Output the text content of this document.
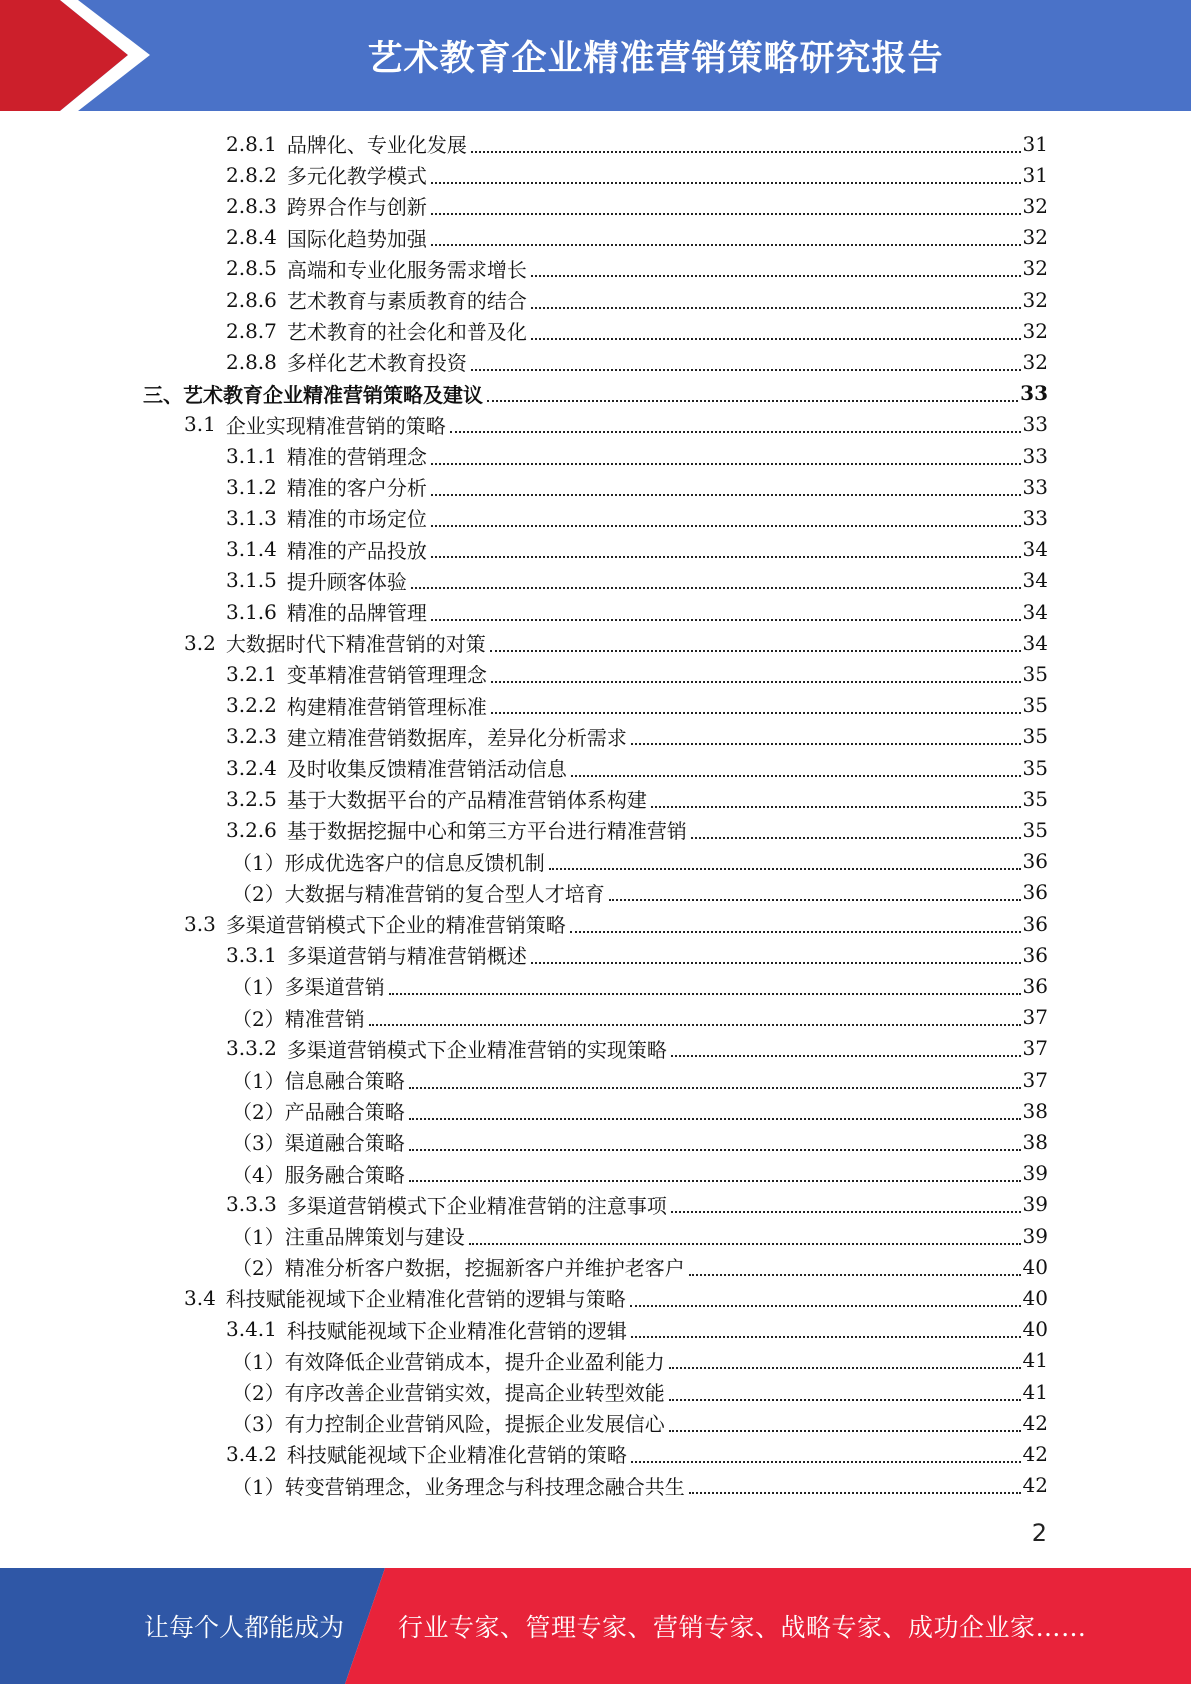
艺术教育企业精准营销策略研究报告
2.8.1 品牌化、专业化发展	31
2.8.2 多元化教学模式	31
2.8.3 跨界合作与创新	32
2.8.4 国际化趋势加强	32
2.8.5 高端和专业化服务需求增长	32
2.8.6 艺术教育与素质教育的结合	32
2.8.7 艺术教育的社会化和普及化	32
2.8.8 多样化艺术教育投资	32
三、艺术教育企业精准营销策略及建议	33
3.1 企业实现精准营销的策略	33
3.1.1 精准的营销理念	33
3.1.2 精准的客户分析	33
3.1.3 精准的市场定位	33
3.1.4 精准的产品投放	34
3.1.5 提升顾客体验	34
3.1.6 精准的品牌管理	34
3.2 大数据时代下精准营销的对策	34
3.2.1 变革精准营销管理理念	35
3.2.2 构建精准营销管理标准	35
3.2.3 建立精准营销数据库，差异化分析需求	35
3.2.4 及时收集反馈精准营销活动信息	35
3.2.5 基于大数据平台的产品精准营销体系构建	35
3.2.6 基于数据挖掘中心和第三方平台进行精准营销	35
（1） 形成优选客户的信息反馈机制	36
（2） 大数据与精准营销的复合型人才培育	36
3.3 多渠道营销模式下企业的精准营销策略	36
3.3.1 多渠道营销与精准营销概述	36
（1） 多渠道营销	36
（2） 精准营销	37
3.3.2 多渠道营销模式下企业精准营销的实现策略	37
（1） 信息融合策略	37
（2） 产品融合策略	38
（3） 渠道融合策略	38
（4） 服务融合策略	39
3.3.3 多渠道营销模式下企业精准营销的注意事项	39
（1） 注重品牌策划与建设	39
（2） 精准分析客户数据，挖掘新客户并维护老客户	40
3.4 科技赋能视域下企业精准化营销的逻辑与策略	40
3.4.1 科技赋能视域下企业精准化营销的逻辑	40
（1） 有效降低企业营销成本，提升企业盈利能力	41
（2） 有序改善企业营销实效，提高企业转型效能	41
（3） 有力控制企业营销风险，提振企业发展信心	42
3.4.2 科技赋能视域下企业精准化营销的策略	42
（1） 转变营销理念，业务理念与科技理念融合共生	42
2
让每个人都能成为 行业专家、管理专家、营销专家、战略专家、成功企业家……
